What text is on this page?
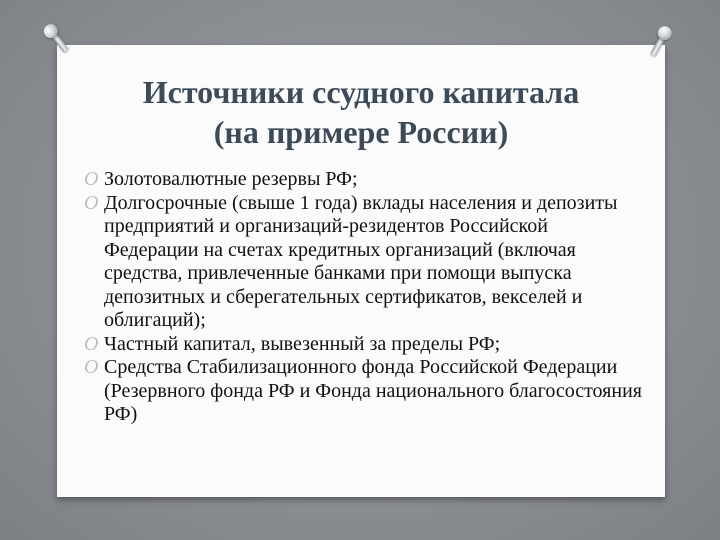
Источники ссудного капитала
(на примере России)
O Золотовалютные резервы РФ;
O Долгосрочные (свыше 1 года) вклады населения и депозиты предприятий и организаций-резидентов Российской Федерации на счетах кредитных организаций (включая средства, привлеченные банками при помощи выпуска депозитных и сберегательных сертификатов, векселей и облигаций);
O Частный капитал, вывезенный за пределы РФ;
O Средства Стабилизационного фонда Российской Федерации (Резервного фонда РФ и Фонда национального благосостояния РФ)
